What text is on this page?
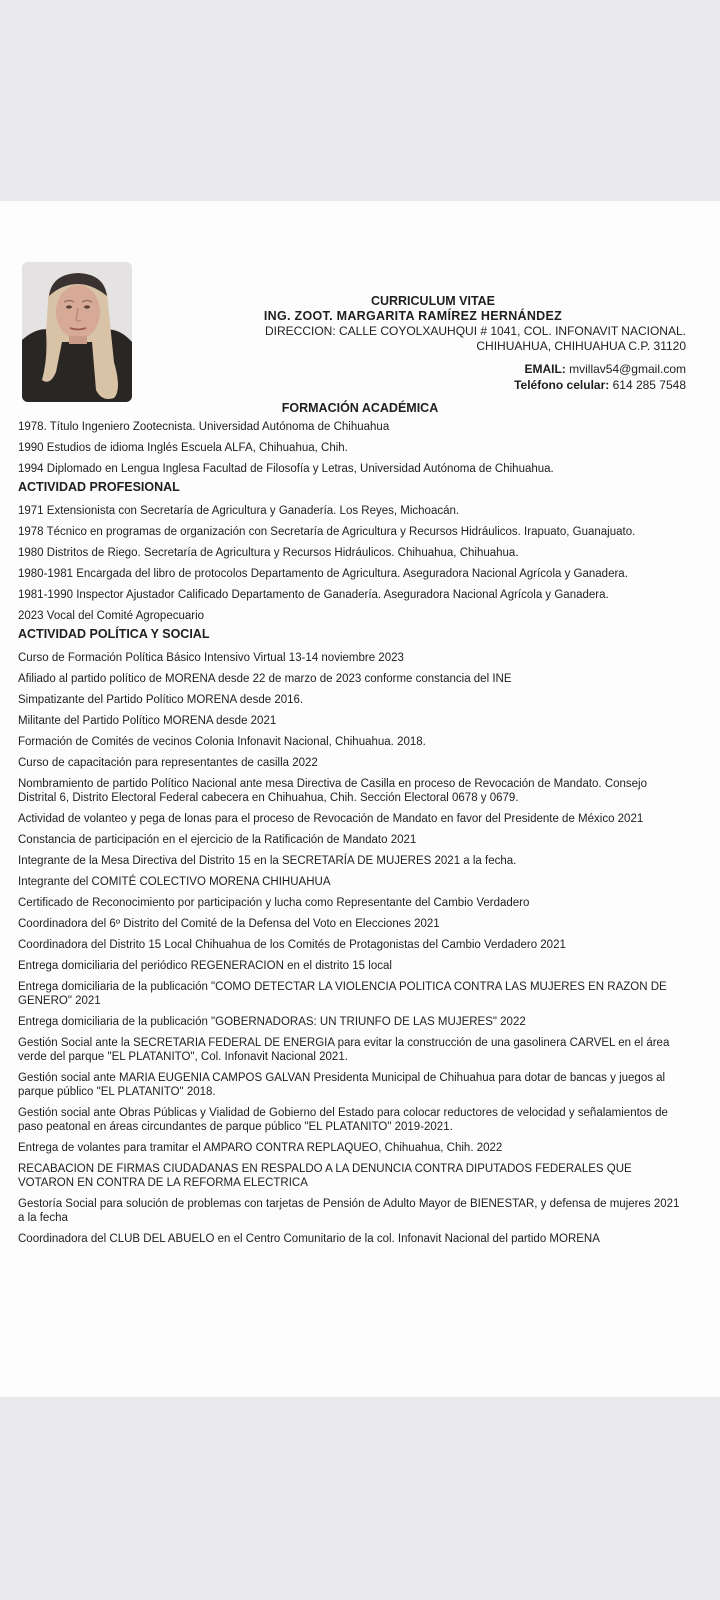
CURRICULUM VITAE
ING. ZOOT. MARGARITA RAMÍREZ HERNÁNDEZ
DIRECCION: CALLE COYOLXAUHQUI # 1041, COL. INFONAVIT NACIONAL.
CHIHUAHUA, CHIHUAHUA C.P. 31120
EMAIL: mvillav54@gmail.com
Teléfono celular: 614 285 7548
FORMACIÓN ACADÉMICA

1978. Título Ingeniero Zootecnista. Universidad Autónoma de Chihuahua

1990 Estudios de idioma Inglés Escuela ALFA, Chihuahua, Chih.

1994 Diplomado en Lengua Inglesa Facultad de Filosofía y Letras, Universidad Autónoma de Chihuahua.

ACTIVIDAD PROFESIONAL

1971 Extensionista con Secretaría de Agricultura y Ganadería. Los Reyes, Michoacán.

1978 Técnico en programas de organización con Secretaría de Agricultura y Recursos Hidráulicos. Irapuato, Guanajuato.

1980 Distritos de Riego. Secretaría de Agricultura y Recursos Hidráulicos. Chihuahua, Chihuahua.

1980-1981 Encargada del libro de protocolos Departamento de Agricultura. Aseguradora Nacional Agrícola y Ganadera.

1981-1990 Inspector Ajustador Calificado Departamento de Ganadería. Aseguradora Nacional Agrícola y Ganadera.

2023 Vocal del Comité Agropecuario

ACTIVIDAD POLÍTICA Y SOCIAL

Curso de Formación Política Básico Intensivo Virtual 13-14 noviembre 2023

Afiliado al partido político de MORENA desde 22 de marzo de 2023 conforme constancia del INE

Simpatizante del Partido Político MORENA desde 2016.

Militante del Partido Político MORENA desde 2021

Formación de Comités de vecinos Colonia Infonavit Nacional, Chihuahua. 2018.

Curso de capacitación para representantes de casilla 2022

Nombramiento de partido Político Nacional ante mesa Directiva de Casilla en proceso de Revocación de Mandato. Consejo Distrital 6, Distrito Electoral Federal cabecera en Chihuahua, Chih. Sección Electoral 0678 y 0679.

Actividad de volanteo y pega de lonas para el proceso de Revocación de Mandato en favor del Presidente de México 2021

Constancia de participación en el ejercicio de la Ratificación de Mandato 2021

Integrante de la Mesa Directiva del Distrito 15 en la SECRETARÍA DE MUJERES 2021 a la fecha.

Integrante del COMITÉ COLECTIVO MORENA CHIHUAHUA

Certificado de Reconocimiento por participación y lucha como Representante del Cambio Verdadero

Coordinadora del 6º Distrito del Comité de la Defensa del Voto en Elecciones 2021

Coordinadora del Distrito 15 Local Chihuahua de los Comités de Protagonistas del Cambio Verdadero 2021

Entrega domiciliaria del periódico REGENERACION en el distrito 15 local

Entrega domiciliaria de la publicación "COMO DETECTAR LA VIOLENCIA POLITICA CONTRA LAS MUJERES EN RAZON DE GENERO" 2021

Entrega domiciliaria de la publicación "GOBERNADORAS: UN TRIUNFO DE LAS MUJERES" 2022

Gestión Social ante la SECRETARIA FEDERAL DE ENERGIA para evitar la construcción de una gasolinera CARVEL en el área verde del parque "EL PLATANITO", Col. Infonavit Nacional 2021.

Gestión social ante MARIA EUGENIA CAMPOS GALVAN Presidenta Municipal de Chihuahua para dotar de bancas y juegos al parque público "EL PLATANITO" 2018.

Gestión social ante Obras Públicas y Vialidad de Gobierno del Estado para colocar reductores de velocidad y señalamientos de paso peatonal en áreas circundantes de parque público "EL PLATANITO" 2019-2021.

Entrega de volantes para tramitar el AMPARO CONTRA REPLAQUEO, Chihuahua, Chih. 2022

RECABACION DE FIRMAS CIUDADANAS EN RESPALDO A LA DENUNCIA CONTRA DIPUTADOS FEDERALES QUE VOTARON EN CONTRA DE LA REFORMA ELECTRICA

Gestoría Social para solución de problemas con tarjetas de Pensión de Adulto Mayor de BIENESTAR, y defensa de mujeres 2021 a la fecha

Coordinadora del CLUB DEL ABUELO en el Centro Comunitario de la col. Infonavit Nacional del partido MORENA
